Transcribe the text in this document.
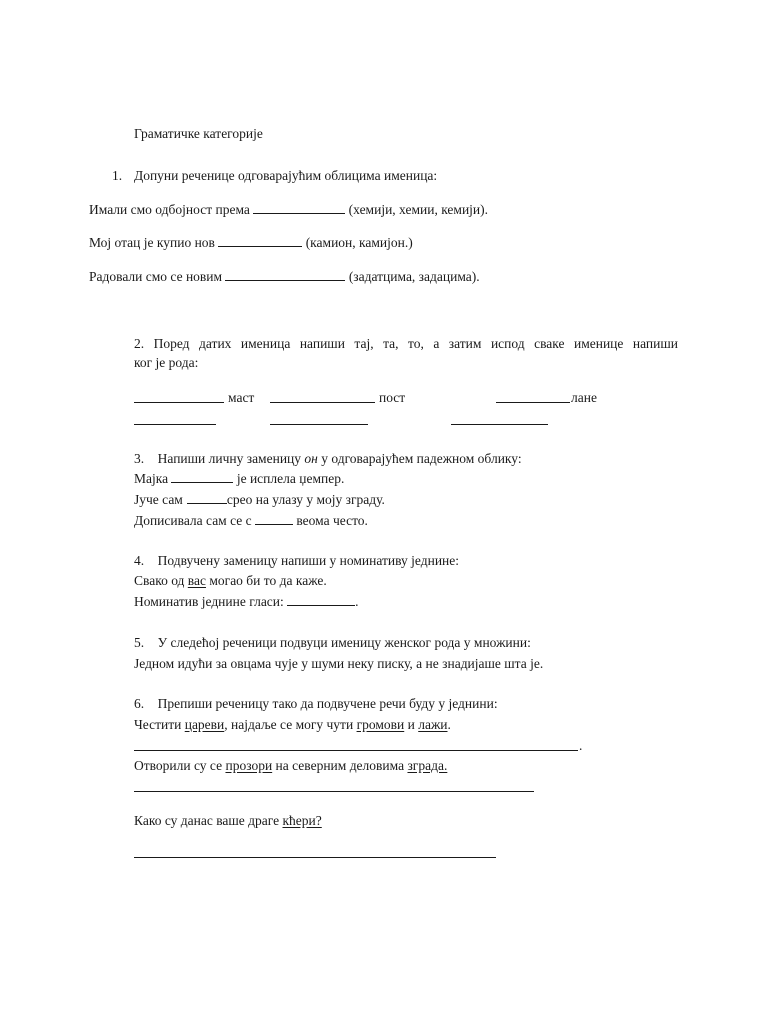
Граматичке категорије
1. Допуни реченице одговарајућим облицима именица:
Имали смо одбојност према	(хемији, хемии, кемији).
Мој отац је купио нов	(камион, камијон.)
Радовали смо се новим	(задатцима, задацима).
2. Поред датих именица напиши тај, та, то, а затим испод сваке именице напиши
ког је рода:
маст	пост	лане
3. Напиши личну заменицу он у одговарајућем падежном облику:
Мајка	је исплела џемпер.
Јуче сам	срео на улазу у моју зграду.
Дописивала сам се с	веома често.
4. Подвучену заменицу напиши у номинативу једнине:
Свако од вас могао би то да каже.
Номинатив једнине гласи:	.
5. У следећој реченици подвуци именицу женског рода у множини:
Једном идући за овцама чује у шуми неку писку, а не знадијаше шта је.
6. Препиши реченицу тако да подвучене речи буду у једнини:
Честити цареви, најдаље се могу чути громови и лажи.
.
Отворили су се прозори на северним деловима зграда.
Како су данас ваше драге кћери?
